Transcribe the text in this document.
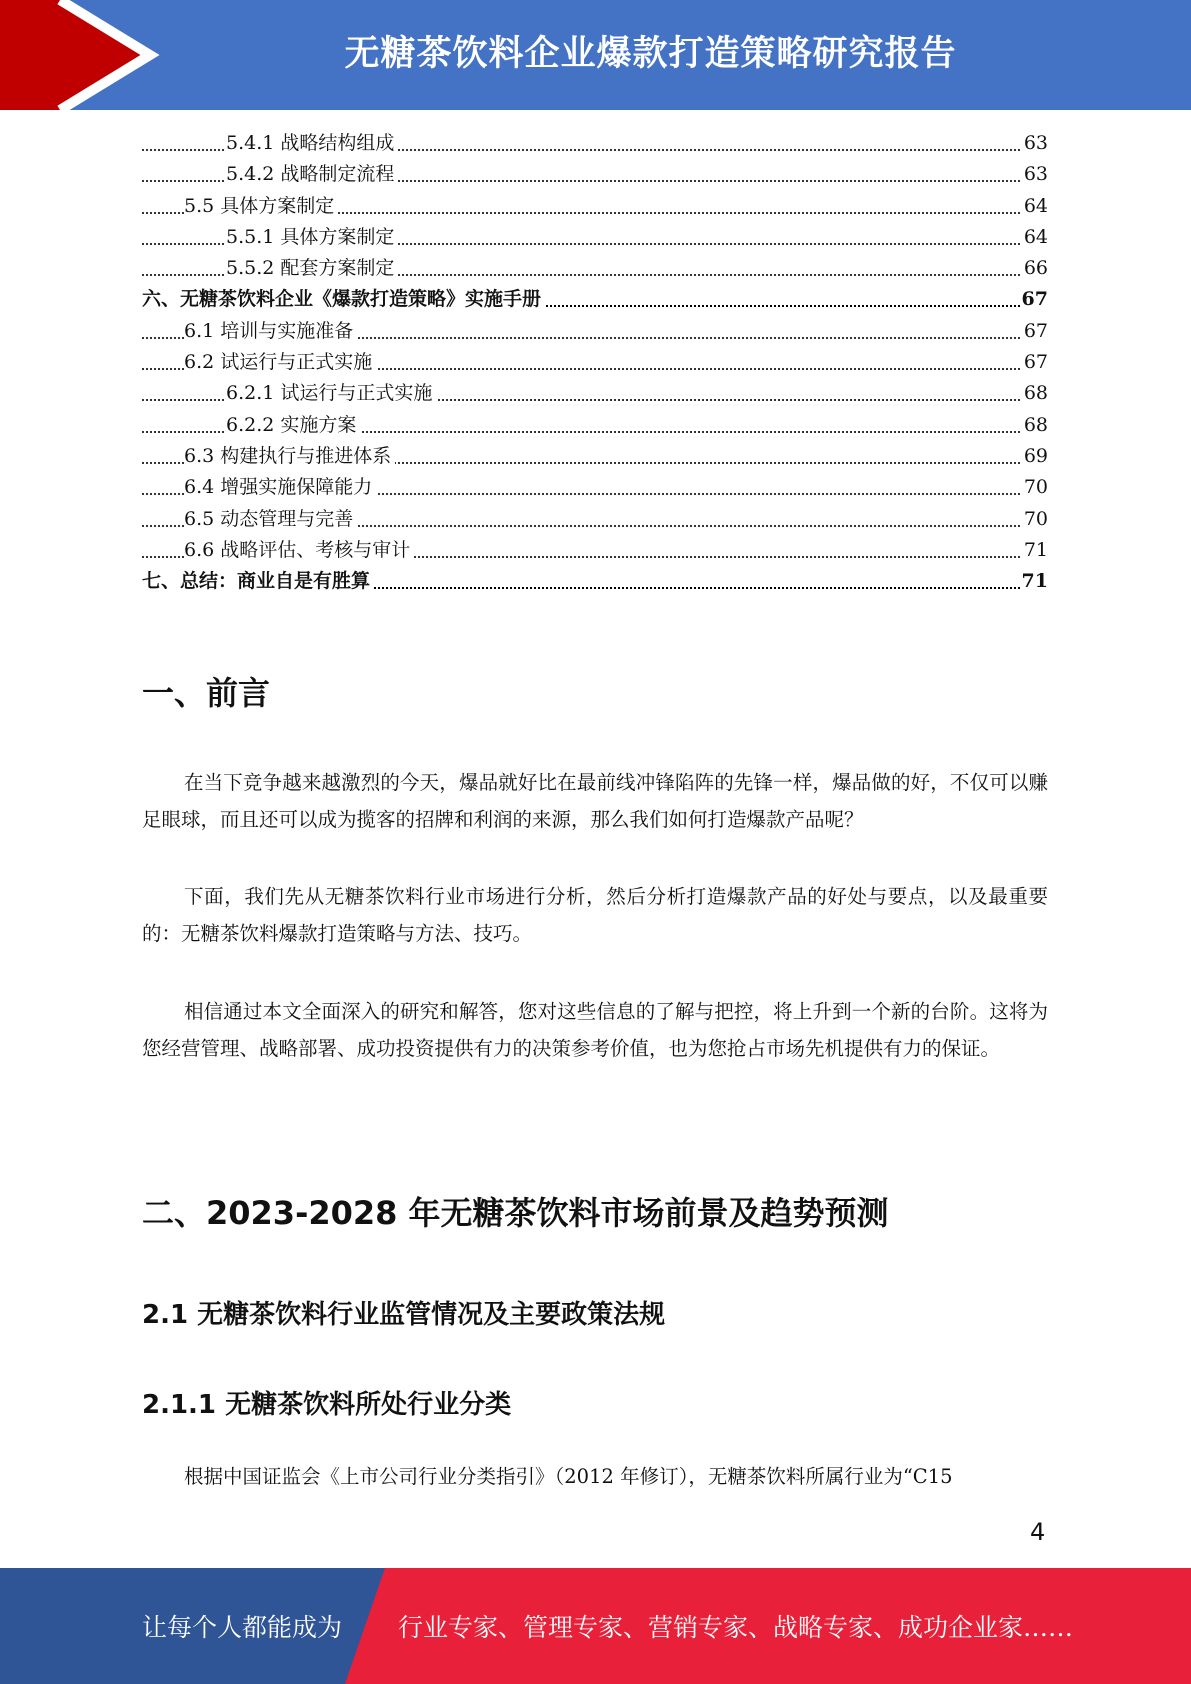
无糖茶饮料企业爆款打造策略研究报告
5.4.1 战略结构组成	63
5.4.2 战略制定流程	63
5.5 具体方案制定	64
5.5.1 具体方案制定	64
5.5.2 配套方案制定	66
六、无糖茶饮料企业《爆款打造策略》实施手册	67
6.1 培训与实施准备	67
6.2 试运行与正式实施	67
6.2.1 试运行与正式实施	68
6.2.2 实施方案	68
6.3 构建执行与推进体系	69
6.4 增强实施保障能力	70
6.5 动态管理与完善	70
6.6 战略评估、考核与审计	71
七、总结：商业自是有胜算	71
一、前言
在当下竞争越来越激烈的今天，爆品就好比在最前线冲锋陷阵的先锋一样，爆品做的好，不仅可以赚足眼球，而且还可以成为揽客的招牌和利润的来源，那么我们如何打造爆款产品呢？
下面，我们先从无糖茶饮料行业市场进行分析，然后分析打造爆款产品的好处与要点，以及最重要的：无糖茶饮料爆款打造策略与方法、技巧。
相信通过本文全面深入的研究和解答，您对这些信息的了解与把控，将上升到一个新的台阶。这将为您经营管理、战略部署、成功投资提供有力的决策参考价值，也为您抢占市场先机提供有力的保证。
二、2023-2028 年无糖茶饮料市场前景及趋势预测
2.1 无糖茶饮料行业监管情况及主要政策法规
2.1.1 无糖茶饮料所处行业分类
根据中国证监会《上市公司行业分类指引》（2012 年修订），无糖茶饮料所属行业为“C15
4
让每个人都能成为 行业专家、管理专家、营销专家、战略专家、成功企业家……
